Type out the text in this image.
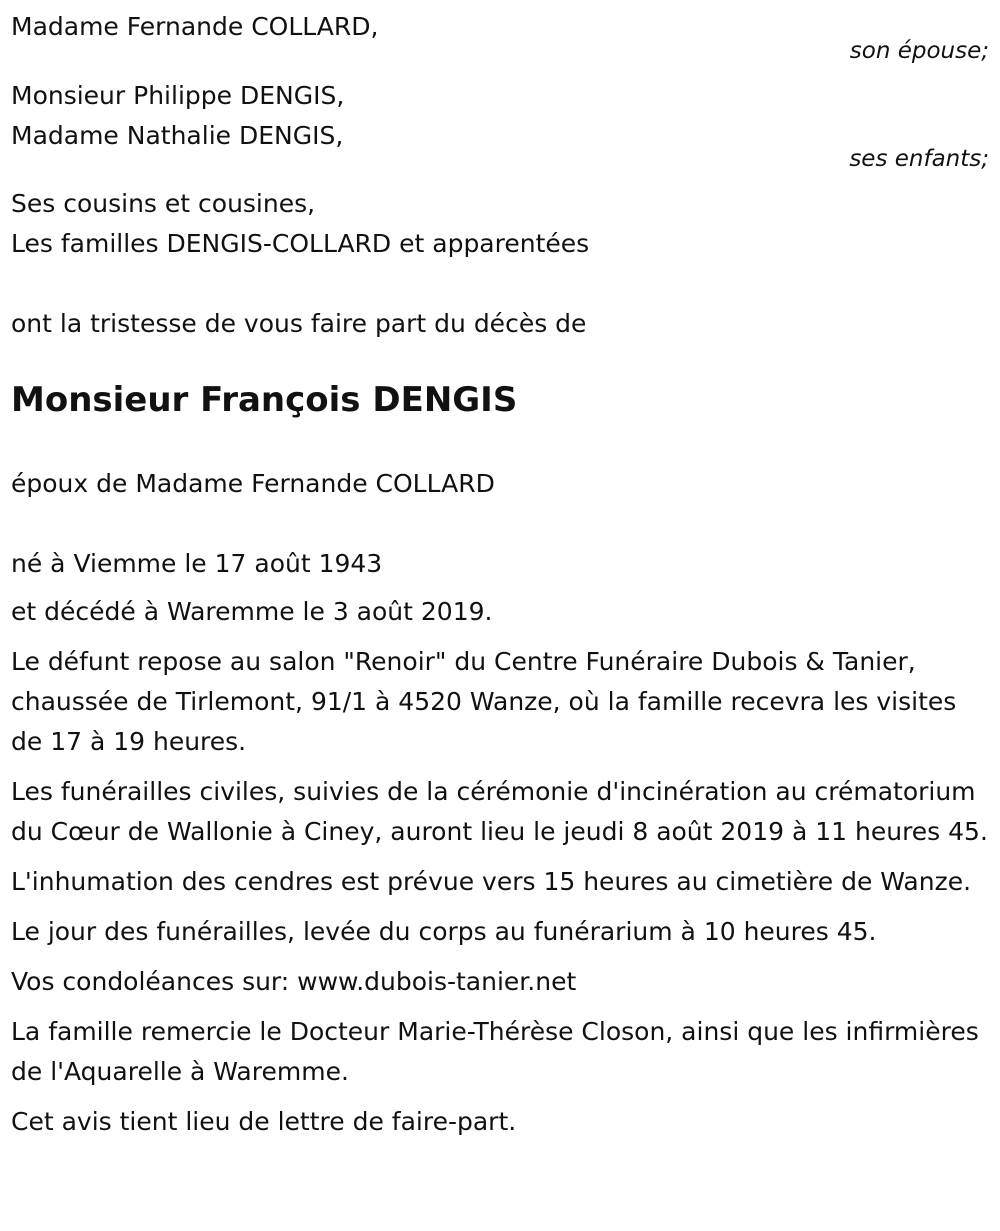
Madame Fernande COLLARD,
son épouse;
Monsieur Philippe DENGIS,
Madame Nathalie DENGIS,
ses enfants;
Ses cousins et cousines,
Les familles DENGIS-COLLARD et apparentées

ont la tristesse de vous faire part du décès de

Monsieur François DENGIS

époux de Madame Fernande COLLARD

né à Viemme le 17 août 1943

et décédé à Waremme le 3 août 2019.

Le défunt repose au salon "Renoir" du Centre Funéraire Dubois & Tanier, chaussée de Tirlemont, 91/1 à 4520 Wanze, où la famille recevra les visites de 17 à 19 heures.

Les funérailles civiles, suivies de la cérémonie d'incinération au crématorium du Cœur de Wallonie à Ciney, auront lieu le jeudi 8 août 2019 à 11 heures 45.

L'inhumation des cendres est prévue vers 15 heures au cimetière de Wanze.

Le jour des funérailles, levée du corps au funérarium à 10 heures 45.

Vos condoléances sur: www.dubois-tanier.net

La famille remercie le Docteur Marie-Thérèse Closon, ainsi que les infirmières de l'Aquarelle à Waremme.

Cet avis tient lieu de lettre de faire-part.
